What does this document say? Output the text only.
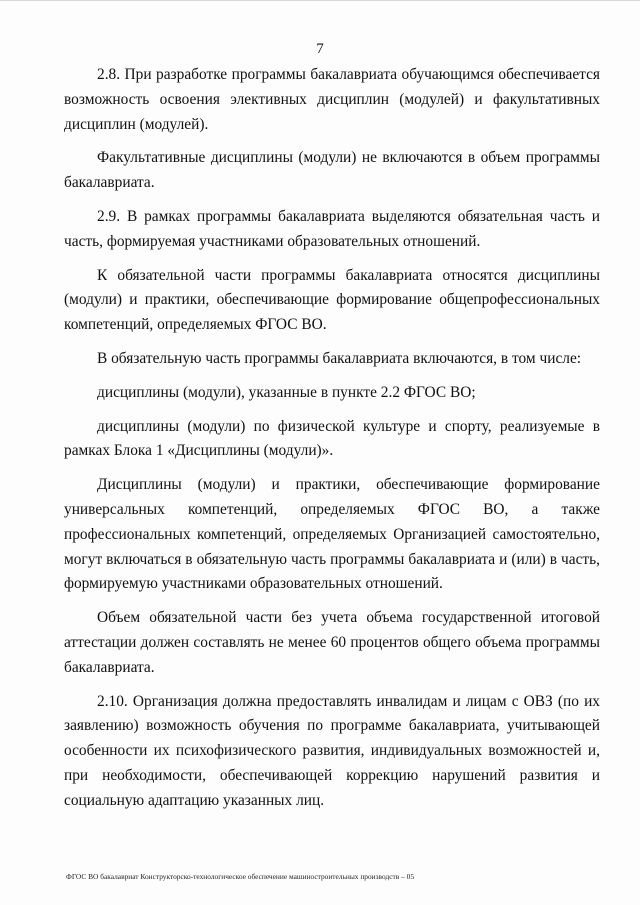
7

2.8. При разработке программы бакалавриата обучающимся обеспечивается возможность освоения элективных дисциплин (модулей) и факультативных дисциплин (модулей).

Факультативные дисциплины (модули) не включаются в объем программы бакалавриата.

2.9. В рамках программы бакалавриата выделяются обязательная часть и часть, формируемая участниками образовательных отношений.

К обязательной части программы бакалавриата относятся дисциплины (модули) и практики, обеспечивающие формирование общепрофессиональных компетенций, определяемых ФГОС ВО.

В обязательную часть программы бакалавриата включаются, в том числе:

дисциплины (модули), указанные в пункте 2.2 ФГОС ВО;

дисциплины (модули) по физической культуре и спорту, реализуемые в рамках Блока 1 «Дисциплины (модули)».

Дисциплины (модули) и практики, обеспечивающие формирование универсальных компетенций, определяемых ФГОС ВО, а также профессиональных компетенций, определяемых Организацией самостоятельно, могут включаться в обязательную часть программы бакалавриата и (или) в часть, формируемую участниками образовательных отношений.

Объем обязательной части без учета объема государственной итоговой аттестации должен составлять не менее 60 процентов общего объема программы бакалавриата.

2.10. Организация должна предоставлять инвалидам и лицам с ОВЗ (по их заявлению) возможность обучения по программе бакалавриата, учитывающей особенности их психофизического развития, индивидуальных возможностей и, при необходимости, обеспечивающей коррекцию нарушений развития и социальную адаптацию указанных лиц.

ФГОС ВО бакалавриат Конструкторско-технологическое обеспечение машиностроительных производств – 05
